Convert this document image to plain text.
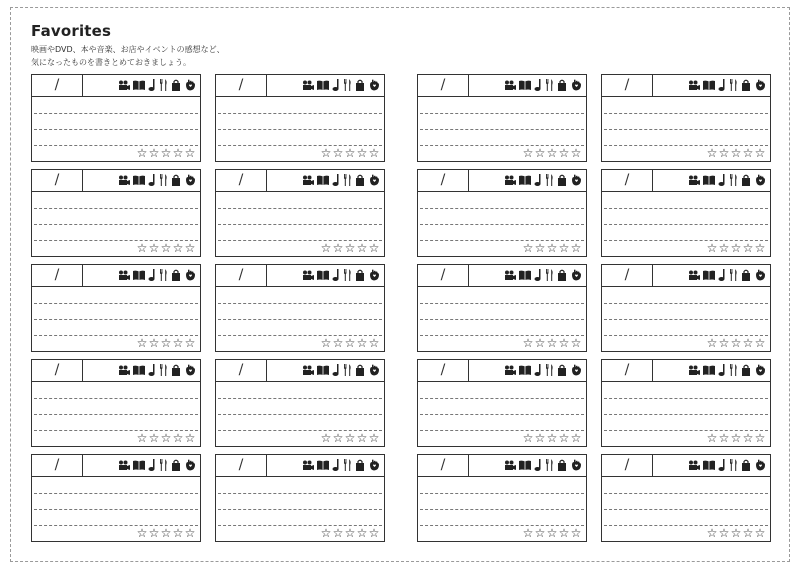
Favorites
映画やDVD、本や音楽、お店やイベントの感想など、
気になったものを書きとめておきましょう。
/
☆☆☆☆☆
/
☆☆☆☆☆
/
☆☆☆☆☆
/
☆☆☆☆☆
/
☆☆☆☆☆
/
☆☆☆☆☆
/
☆☆☆☆☆
/
☆☆☆☆☆
/
☆☆☆☆☆
/
☆☆☆☆☆
/
☆☆☆☆☆
/
☆☆☆☆☆
/
☆☆☆☆☆
/
☆☆☆☆☆
/
☆☆☆☆☆
/
☆☆☆☆☆
/
☆☆☆☆☆
/
☆☆☆☆☆
/
☆☆☆☆☆
/
☆☆☆☆☆
